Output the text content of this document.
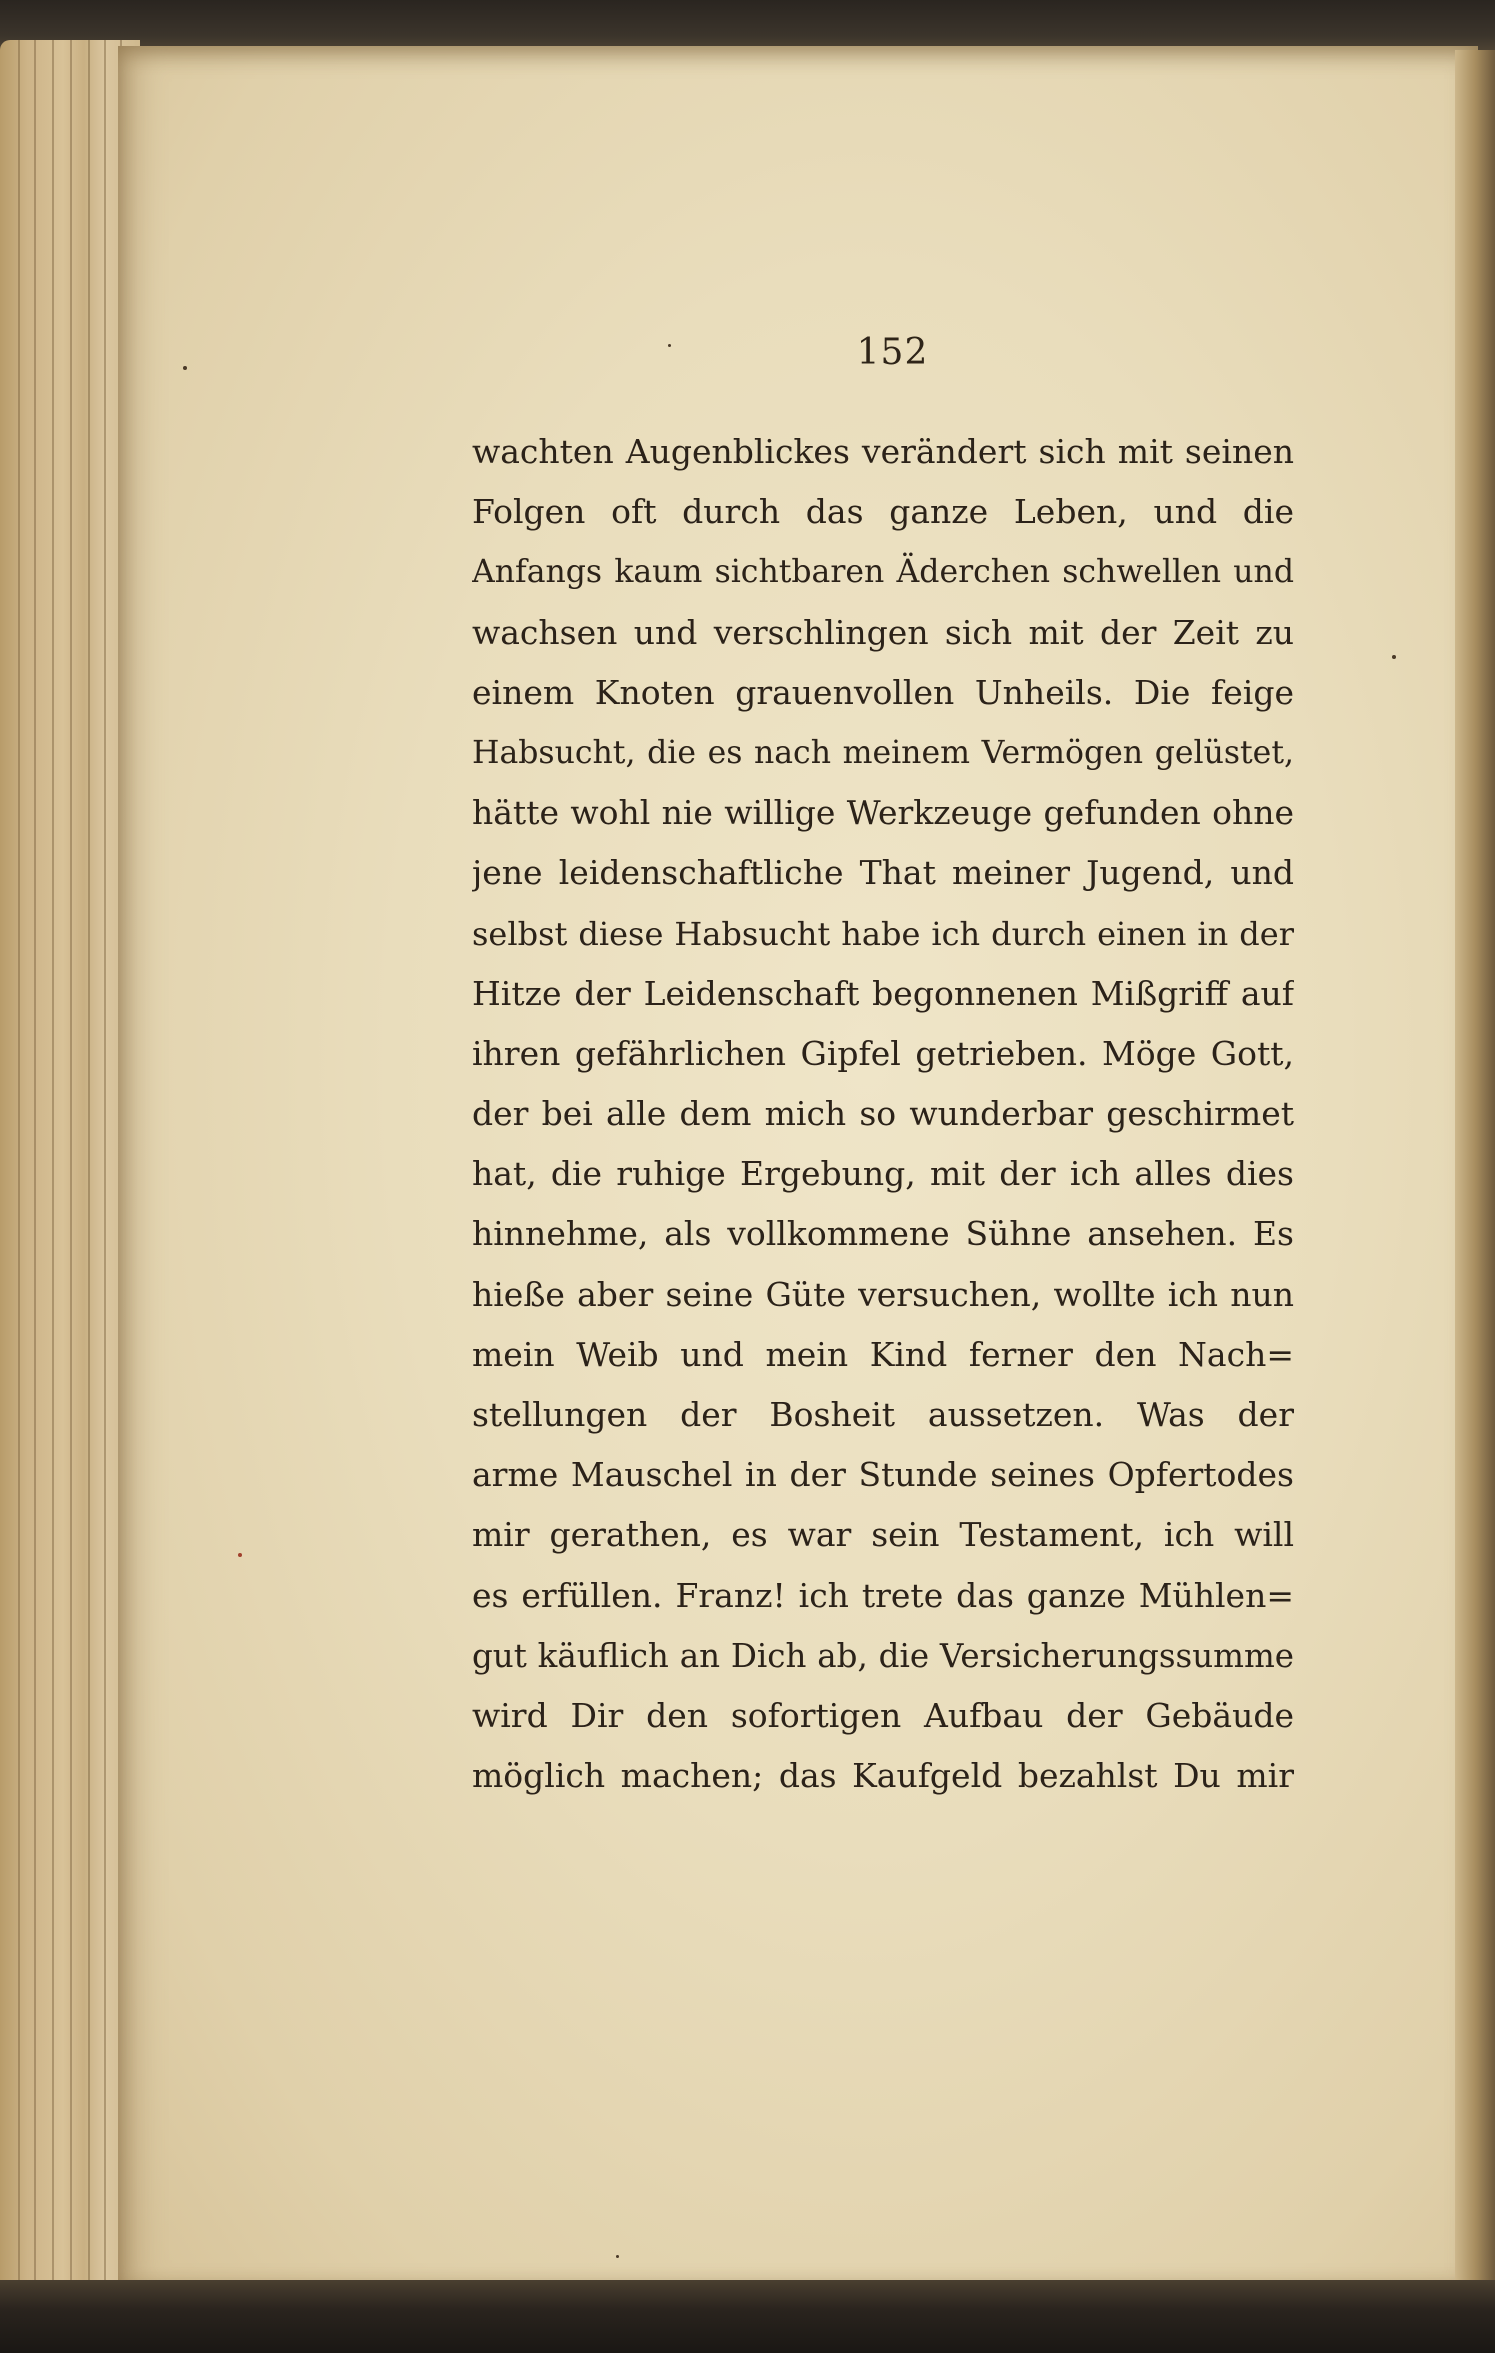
152
wachten Augenblickes verändert sich mit seinen
Folgen oft durch das ganze Leben, und die
Anfangs kaum sichtbaren Äderchen schwellen und
wachsen und verschlingen sich mit der Zeit zu
einem Knoten grauenvollen Unheils. Die feige
Habsucht, die es nach meinem Vermögen gelüstet,
hätte wohl nie willige Werkzeuge gefunden ohne
jene leidenschaftliche That meiner Jugend, und
selbst diese Habsucht habe ich durch einen in der
Hitze der Leidenschaft begonnenen Mißgriff auf
ihren gefährlichen Gipfel getrieben. Möge Gott,
der bei alle dem mich so wunderbar geschirmet
hat, die ruhige Ergebung, mit der ich alles dies
hinnehme, als vollkommene Sühne ansehen. Es
hieße aber seine Güte versuchen, wollte ich nun
mein Weib und mein Kind ferner den Nach=
stellungen der Bosheit aussetzen. Was der
arme Mauschel in der Stunde seines Opfertodes
mir gerathen, es war sein Testament, ich will
es erfüllen. Franz! ich trete das ganze Mühlen=
gut käuflich an Dich ab, die Versicherungssumme
wird Dir den sofortigen Aufbau der Gebäude
möglich machen; das Kaufgeld bezahlst Du mir
